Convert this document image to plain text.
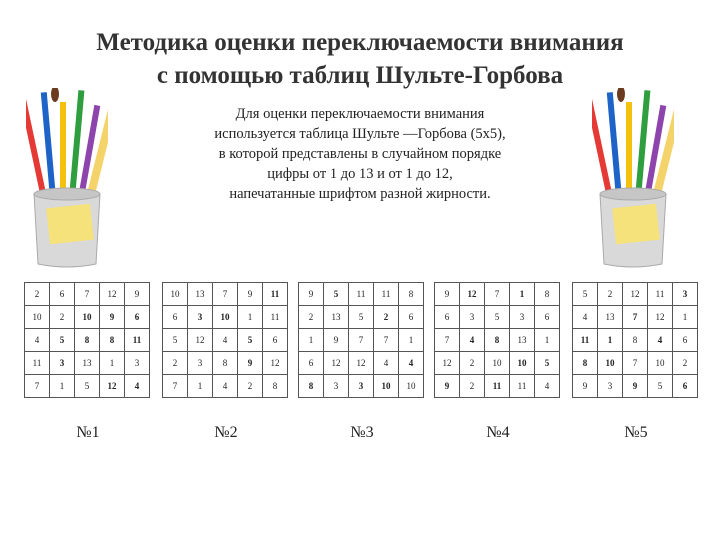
Методика оценки переключаемости внимания
с помощью таблиц Шульте-Горбова
Для оценки переключаемости внимания
используется таблица Шульте —Горбова (5х5),
в которой представлены в случайном порядке
цифры от 1 до 13 и от 1 до 12,
напечатанные шрифтом разной жирности.
2	6	7	12	9
10	2	10	9	6
4	5	8	8	11
11	3	13	1	3
7	1	5	12	4
10	13	7	9	11
6	3	10	1	11
5	12	4	5	6
2	3	8	9	12
7	1	4	2	8
9	5	11	11	8
2	13	5	2	6
1	9	7	7	1
6	12	12	4	4
8	3	3	10	10
9	12	7	1	8
6	3	5	3	6
7	4	8	13	1
12	2	10	10	5
9	2	11	11	4
5	2	12	11	3
4	13	7	12	1
11	1	8	4	6
8	10	7	10	2
9	3	9	5	6
№1	№2	№3	№4	№5
